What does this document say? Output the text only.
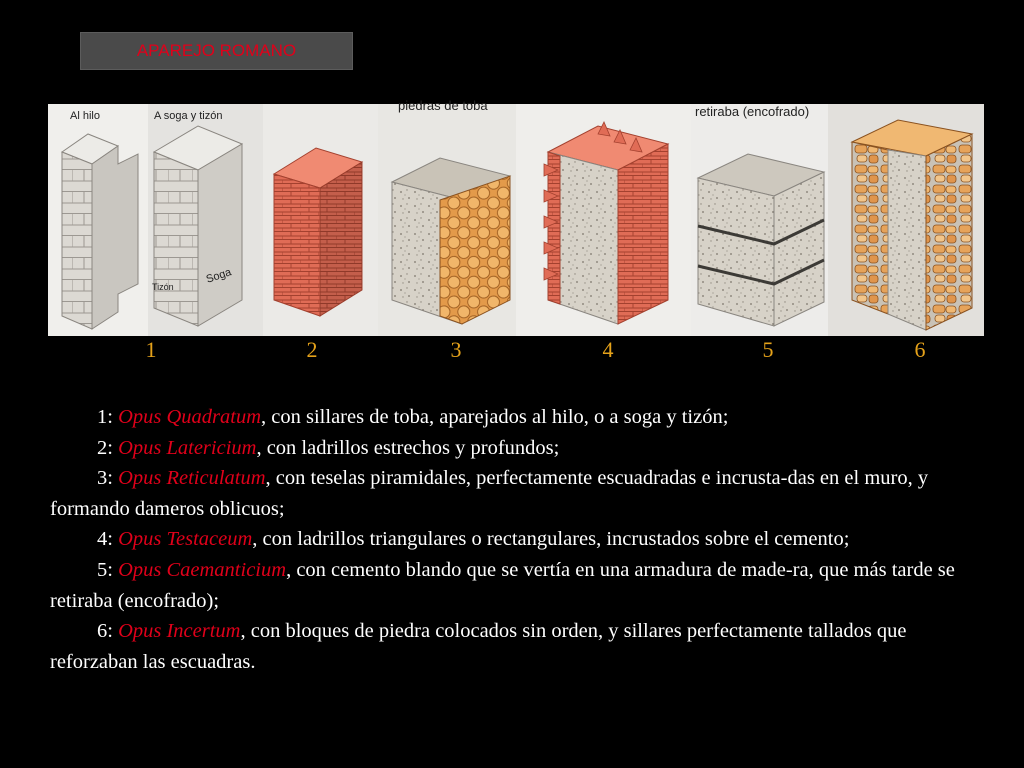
APAREJO ROMANO
Al hilo	A soga y tizón
Soga
Tizón
piedras de toba	retiraba (encofrado)
1	2	3	4	5	6

1: Opus Quadratum, con sillares de toba, aparejados al hilo, o a soga y tizón;

2: Opus Latericium, con ladrillos estrechos y profundos;

3: Opus Reticulatum, con teselas piramidales, perfectamente escuadradas e incrusta-das en el muro, y formando dameros oblicuos;

4: Opus Testaceum, con ladrillos triangulares o rectangulares, incrustados sobre el cemento;

5: Opus Caemanticium, con cemento blando que se vertía en una armadura de made-ra, que más tarde se retiraba (encofrado);

6: Opus Incertum, con bloques de piedra colocados sin orden, y sillares perfectamente tallados que reforzaban las escuadras.
